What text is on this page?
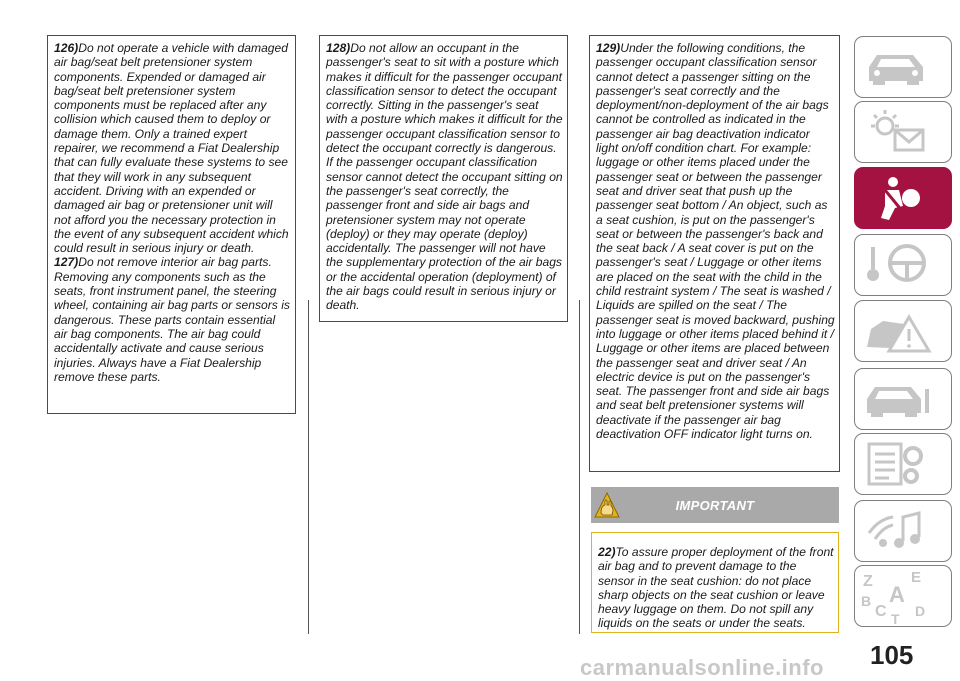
126)Do not operate a vehicle with damaged air bag/seat belt pretensioner system components. Expended or damaged air bag/seat belt pretensioner system components must be replaced after any collision which caused them to deploy or damage them. Only a trained expert repairer, we recommend a Fiat Dealership that can fully evaluate these systems to see that they will work in any subsequent accident. Driving with an expended or damaged air bag or pretensioner unit will not afford you the necessary protection in the event of any subsequent accident which could result in serious injury or death.

127)Do not remove interior air bag parts. Removing any components such as the seats, front instrument panel, the steering wheel, containing air bag parts or sensors is dangerous. These parts contain essential air bag components. The air bag could accidentally activate and cause serious injuries. Always have a Fiat Dealership remove these parts.

128)Do not allow an occupant in the passenger's seat to sit with a posture which makes it difficult for the passenger occupant classification sensor to detect the occupant correctly. Sitting in the passenger's seat with a posture which makes it difficult for the passenger occupant classification sensor to detect the occupant correctly is dangerous. If the passenger occupant classification sensor cannot detect the occupant sitting on the passenger's seat correctly, the passenger front and side air bags and pretensioner system may not operate (deploy) or they may operate (deploy) accidentally. The passenger will not have the supplementary protection of the air bags or the accidental operation (deployment) of the air bags could result in serious injury or death.

129)Under the following conditions, the passenger occupant classification sensor cannot detect a passenger sitting on the passenger's seat correctly and the deployment/non-deployment of the air bags cannot be controlled as indicated in the passenger air bag deactivation indicator light on/off condition chart. For example: luggage or other items placed under the passenger seat or between the passenger seat and driver seat that push up the passenger seat bottom / An object, such as a seat cushion, is put on the passenger's seat or between the passenger's back and the seat back / A seat cover is put on the passenger's seat / Luggage or other items are placed on the seat with the child in the child restraint system / The seat is washed / Liquids are spilled on the seat / The passenger seat is moved backward, pushing into luggage or other items placed behind it / Luggage or other items are placed between the passenger seat and driver seat / An electric device is put on the passenger's seat. The passenger front and side air bags and seat belt pretensioner systems will deactivate if the passenger air bag deactivation OFF indicator light turns on.

IMPORTANT

22)To assure proper deployment of the front air bag and to prevent damage to the sensor in the seat cushion: do not place sharp objects on the seat cushion or leave heavy luggage on them. Do not spill any liquids on the seats or under the seats.

Z	E
A
B
C T D
105
carmanualsonline.info
